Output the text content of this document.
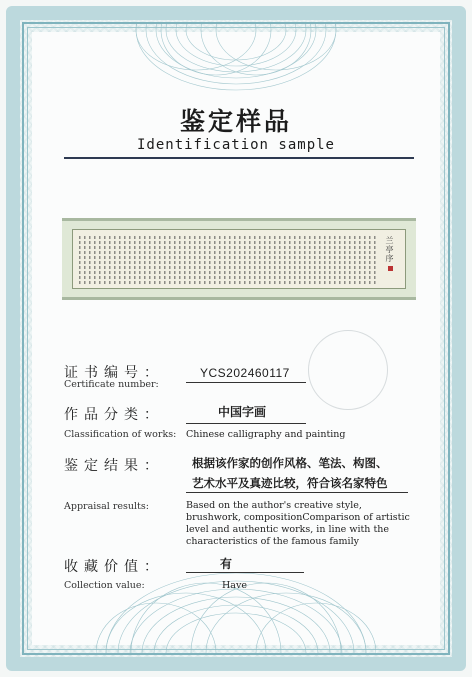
鉴定样品
Identification sample
兰亭序
证书编号：
Certificate number:
YCS202460117
作品分类：	中国字画
Classification of works: Chinese calligraphy and painting
鉴定结果： 根据该作家的创作风格、笔法、构图、
艺术水平及真迹比较，符合该名家特色
Appraisal results:	Based on the author's creative style,
brushwork, compositionComparison of artistic
level and authentic works, in line with the
characteristics of the famous family
收藏价值：	有
Collection value:	Have
